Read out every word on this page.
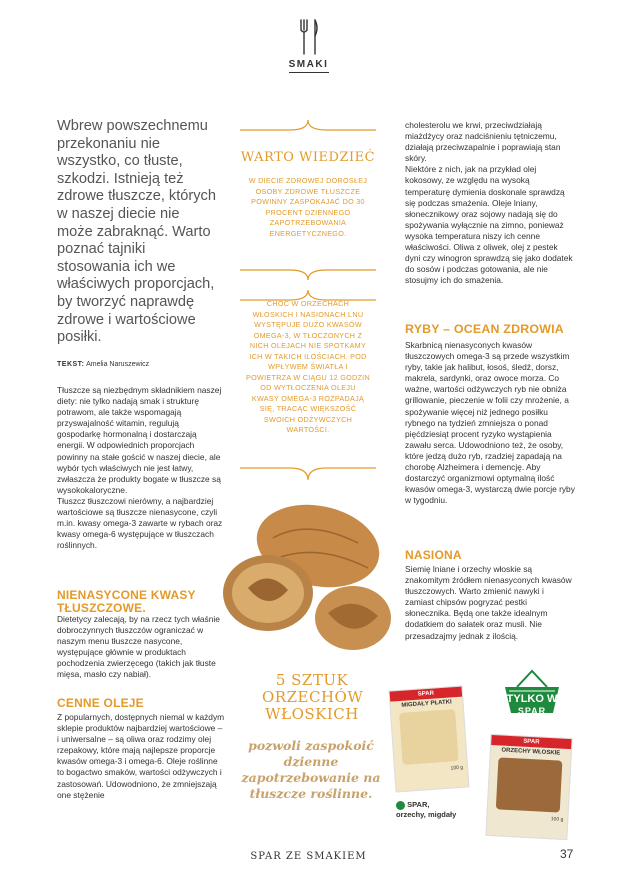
SMAKI
Wbrew powszechnemu przekonaniu nie wszystko, co tłuste, szkodzi. Istnieją też zdrowe tłuszcze, których w naszej diecie nie może zabraknąć. Warto poznać tajniki stosowania ich we właściwych proporcjach, by tworzyć naprawdę zdrowe i wartościowe posiłki.
TEKST: Amelia Naruszewicz

Tłuszcze są niezbędnym składnikiem naszej diety: nie tylko nadają smak i strukturę potrawom, ale także wspomagają przyswajalność witamin, regulują gospodarkę hormonalną i dostarczają energii. W odpowiednich proporcjach powinny na stałe gościć w naszej diecie, ale wybór tych właściwych nie jest łatwy, zwłaszcza że produkty bogate w tłuszcze są wysokokaloryczne.

Tłuszcz tłuszczowi nierówny, a najbardziej wartościowe są tłuszcze nienasycone, czyli m.in. kwasy omega-3 zawarte w rybach oraz kwasy omega-6 występujące w tłuszczach roślinnych.

NIENASYCONE KWASY TŁUSZCZOWE.

Dietetycy zalecają, by na rzecz tych właśnie dobroczynnych tłuszczów ograniczać w naszym menu tłuszcze nasycone, występujące głównie w produktach pochodzenia zwierzęcego (takich jak tłuste mięsa, masło czy nabiał).

CENNE OLEJE

Z popularnych, dostępnych niemal w każdym sklepie produktów najbardziej wartościowe – i uniwersalne – są oliwa oraz rodzimy olej rzepakowy, które mają najlepsze proporcje kwasów omega-3 i omega-6. Oleje roślinne to bogactwo smaków, wartości odżywczych i zastosowań. Udowodniono, że zmniejszają one stężenie

WARTO WIEDZIEĆ
W DIECIE ZDROWEJ DOROSŁEJ OSOBY ZDROWE TŁUSZCZE POWINNY ZASPOKAJAĆ DO 30 PROCENT DZIENNEGO ZAPOTRZEBOWANIA ENERGETYCZNEGO.
CHOĆ W ORZECHACH WŁOSKICH I NASIONACH LNU WYSTĘPUJE DUŻO KWASÓW OMEGA-3, W TŁOCZONYCH Z NICH OLEJACH NIE SPOTKAMY ICH W TAKICH ILOŚCIACH. POD WPŁYWEM ŚWIATŁA I POWIETRZA W CIĄGU 12 GODZIN OD WYTŁOCZENIA OLEJU KWASY OMEGA-3 ROZPADAJĄ SIĘ, TRACĄC WIĘKSZOŚĆ SWOICH ODŻYWCZYCH WARTOŚCI.
5 SZTUK ORZECHÓW WŁOSKICH
pozwoli zaspokoić dzienne zapotrzebowanie na tłuszcze roślinne.

cholesterolu we krwi, przeciwdziałają miażdżycy oraz nadciśnieniu tętniczemu, działają przeciwzapalnie i poprawiają stan skóry.

Niektóre z nich, jak na przykład olej kokosowy, ze względu na wysoką temperaturę dymienia doskonale sprawdzą się podczas smażenia. Oleje lniany, słonecznikowy oraz sojowy nadają się do spożywania wyłącznie na zimno, ponieważ wysoka temperatura niszy ich cenne właściwości. Oliwa z oliwek, olej z pestek dyni czy winogron sprawdzą się jako dodatek do sosów i podczas gotowania, ale nie stosujmy ich do smażenia.

RYBY – OCEAN ZDROWIA

Skarbnicą nienasyconych kwasów tłuszczowych omega-3 są przede wszystkim ryby, takie jak halibut, łosoś, śledź, dorsz, makrela, sardynki, oraz owoce morza. Co ważne, wartości odżywczych ryb nie obniża grillowanie, pieczenie w folii czy mrożenie, a spożywanie więcej niż jednego posiłku rybnego na tydzień zmniejsza o ponad pięćdziesiąt procent ryzyko wystąpienia zawału serca. Udowodniono też, że osoby, które jedzą dużo ryb, rzadziej zapadają na chorobę Alzheimera i demencję. Aby dostarczyć organizmowi optymalną ilość kwasów omega-3, wystarczą dwie porcje ryby w tygodniu.

NASIONA

Siemię lniane i orzechy włoskie są znakomitym źródłem nienasyconych kwasów tłuszczowych. Warto zmienić nawyki i zamiast chipsów pogryzać pestki słonecznika. Będą one także idealnym dodatkiem do sałatek oraz musli. Nie przesadzajmy jednak z ilością.

TYLKO W
SPAR
SPAR
MIGDAŁY PŁATKI
100 g
SPAR
ORZECHY WŁOSKIE
100 g
SPAR,
orzechy, migdały
SPAR ZE SMAKIEM	37
